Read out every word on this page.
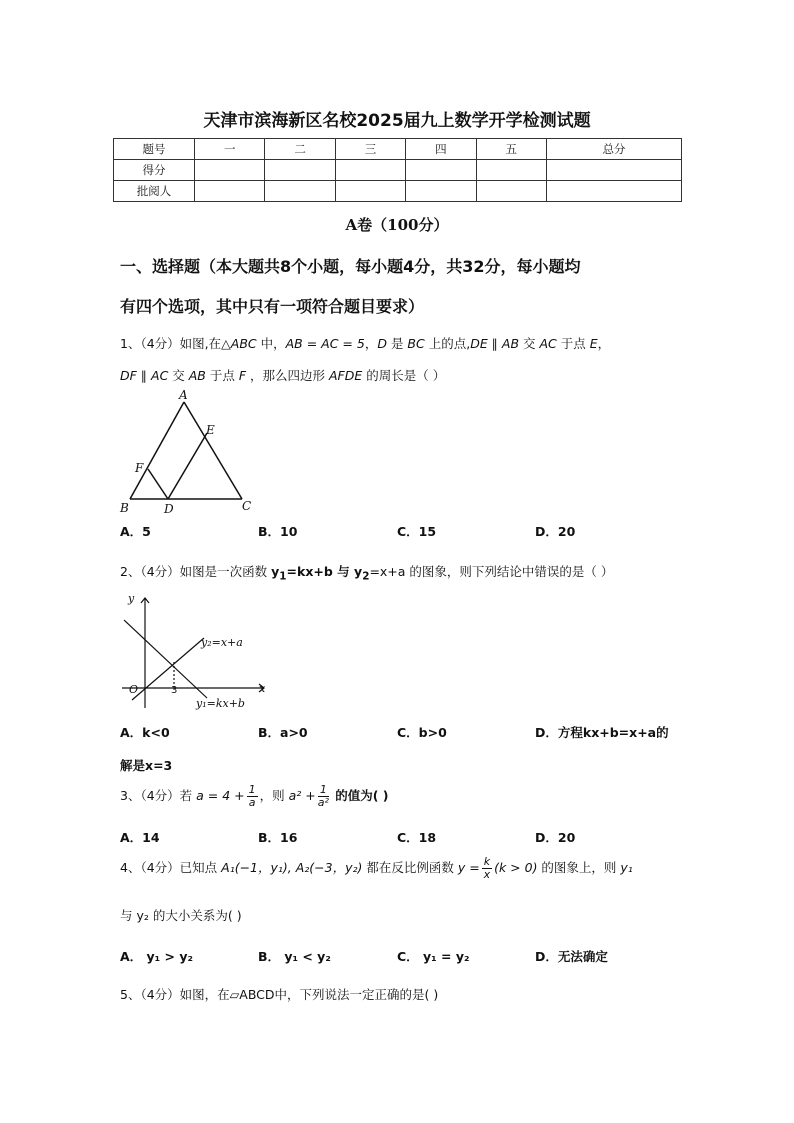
天津市滨海新区名校2025届九上数学开学检测试题
题号	一	二	三	四	五	总分
得分						
批阅人						
A卷（100分）
一、选择题（本大题共8个小题，每小题4分，共32分，每小题均
有四个选项，其中只有一项符合题目要求）
1、（4分）如图,在△ABC 中，AB = AC = 5，D 是 BC 上的点,DE ∥ AB 交 AC 于点 E，
DF ∥ AC 交 AB 于点 F ，那么四边形 AFDE 的周长是（ ）
A
B	C
D
E
F
A．5	B．10	C．15	D．20
2、（4分）如图是一次函数 $y_1=kx+b$ 与 $y_2=x+a$ 的图象，则下列结论中错误的是（ ）
y
x
O
y₂=x+a
y₁=kx+b
3
A．k<0	B．a>0	C．b>0	D．方程kx+b=x+a的
解是x=3
3、（4分）若 $a = 4 + \frac{1}{a}$ ，则 $a^2 + \frac{1}{\text{a²}}$ 的值为( )
A．14	B．16	C．18	D．20
4、（4分）已知点 A₁(−1，y₁), A₂(−3，y₂) 都在反比例函数 $y = \frac{k}{x} (k > 0)$ 的图象上，则 y₁
与 y₂ 的大小关系为( )
A． y₁ > y₂	B． y₁ < y₂	C． y₁ = y₂	D．无法确定
5、（4分）如图，在▱ABCD中，下列说法一定正确的是( )
